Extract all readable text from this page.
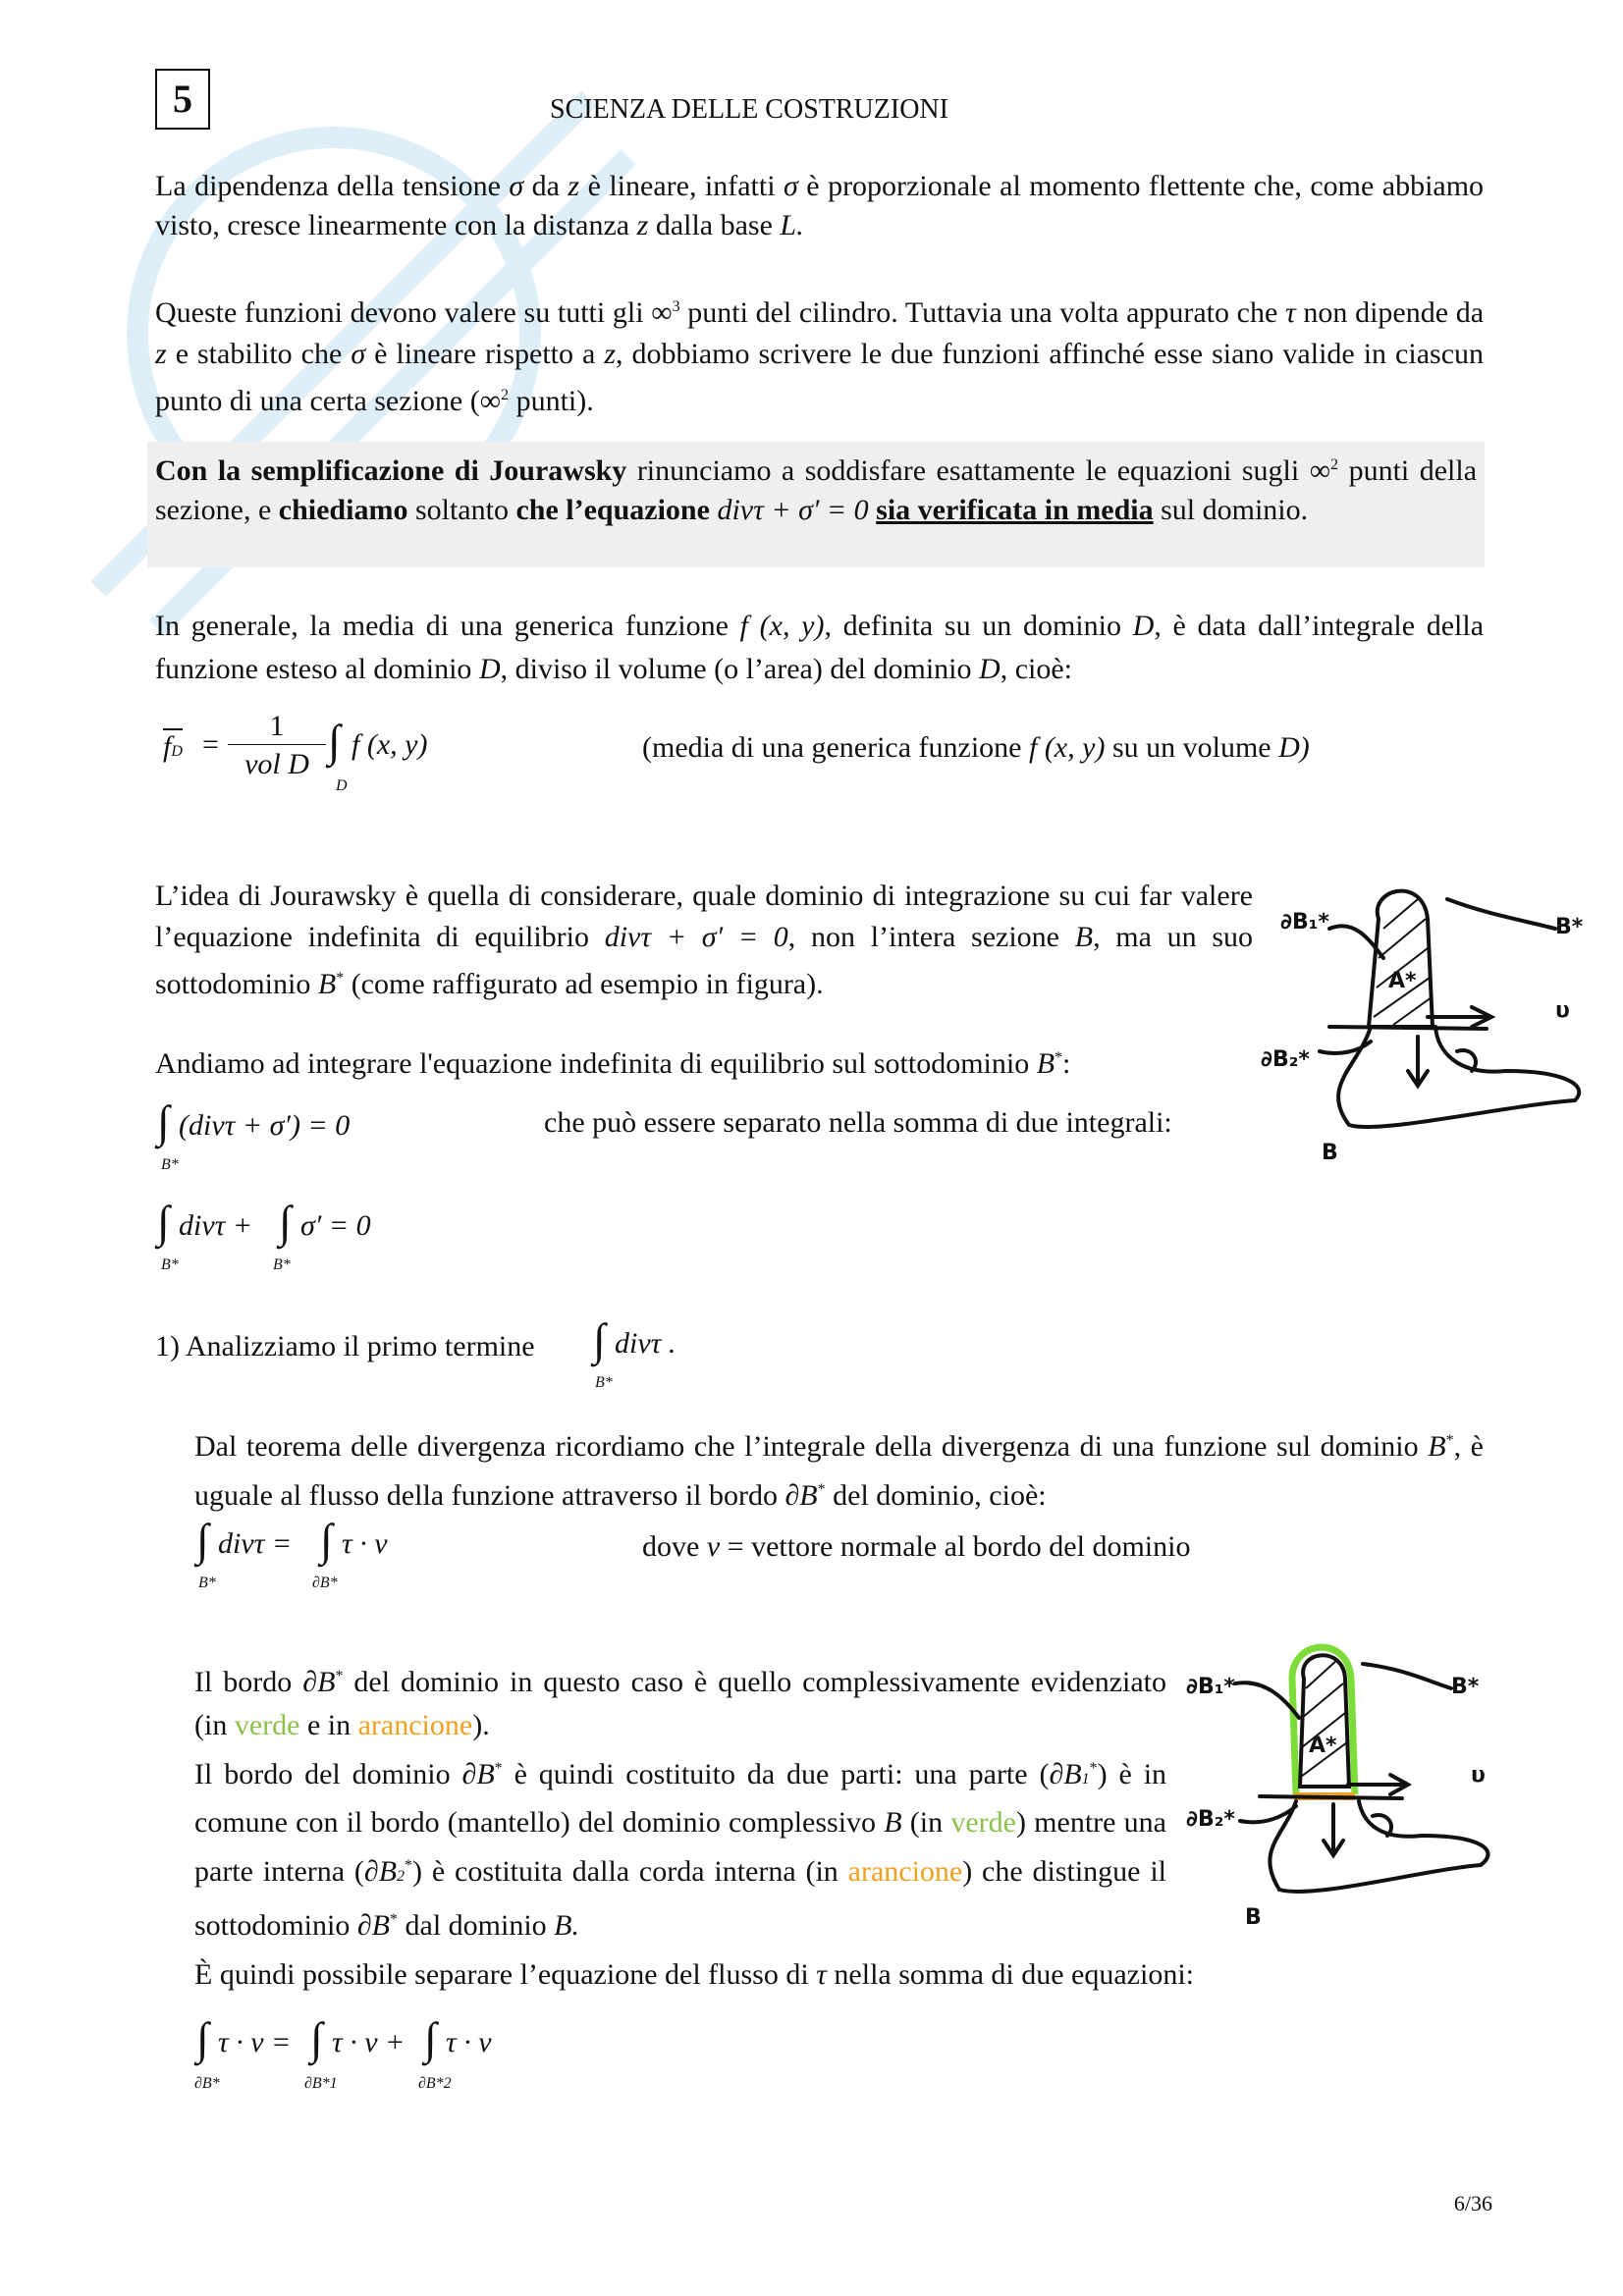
5	SCIENZA DELLE COSTRUZIONI
La dipendenza della tensione σ da z è lineare, infatti σ è proporzionale al momento flettente che, come abbiamo visto, cresce linearmente con la distanza z dalla base L.
Queste funzioni devono valere su tutti gli ∞$^3$ punti del cilindro. Tuttavia una volta appurato che τ non dipende da z e stabilito che σ è lineare rispetto a z, dobbiamo scrivere le due funzioni affinché esse siano valide in ciascun punto di una certa sezione (∞$^2$ punti).
Con la semplificazione di Jourawsky rinunciamo a soddisfare esattamente le equazioni sugli ∞$^2$ punti della sezione, e chiediamo soltanto che l’equazione divτ + σ′ = 0 sia verificata in media sul dominio.
In generale, la media di una generica funzione f (x, y), definita su un dominio D, è data dall’integrale della funzione esteso al dominio D, diviso il volume (o l’area) del dominio D, cioè:
fD =
1
vol D ∫
D
f (x, y)	(media di una generica funzione f (x, y) su un volume D)
L’idea di Jourawsky è quella di considerare, quale dominio di integrazione su cui far valere l’equazione indefinita di equilibrio divτ + σ′ = 0, non l’intera sezione B, ma un suo sottodominio B* (come raffigurato ad esempio in figura).
∂B₁*	B*
A*
υ
∂B₂*
B
Andiamo ad integrare l'equazione indefinita di equilibrio sul sottodominio B*:
∫
B*
(divτ + σ′) = 0	che può essere separato nella somma di due integrali:
∫
B*
divτ + ∫
B*
σ′ = 0
1) Analizziamo il primo termine	∫
B*
divτ .
Dal teorema delle divergenza ricordiamo che l’integrale della divergenza di una funzione sul dominio B*, è uguale al flusso della funzione attraverso il bordo ∂B* del dominio, cioè:
∫
B*
divτ = ∫
∂B*
τ · ν	dove ν = vettore normale al bordo del dominio
Il bordo ∂B* del dominio in questo caso è quello complessivamente evidenziato (in verde e in arancione).
Il bordo del dominio ∂B* è quindi costituito da due parti: una parte (∂B1*) è in comune con il bordo (mantello) del dominio complessivo B (in verde) mentre una parte interna (∂B2*) è costituita dalla corda interna (in arancione) che distingue il sottodominio ∂B* dal dominio B.
∂B₁*	B*
A*
υ
∂B₂*
B
È quindi possibile separare l’equazione del flusso di τ nella somma di due equazioni:
∫
∂B*
τ · ν = ∫
∂B*1
τ · ν + ∫
∂B*2
τ · ν
6/36
